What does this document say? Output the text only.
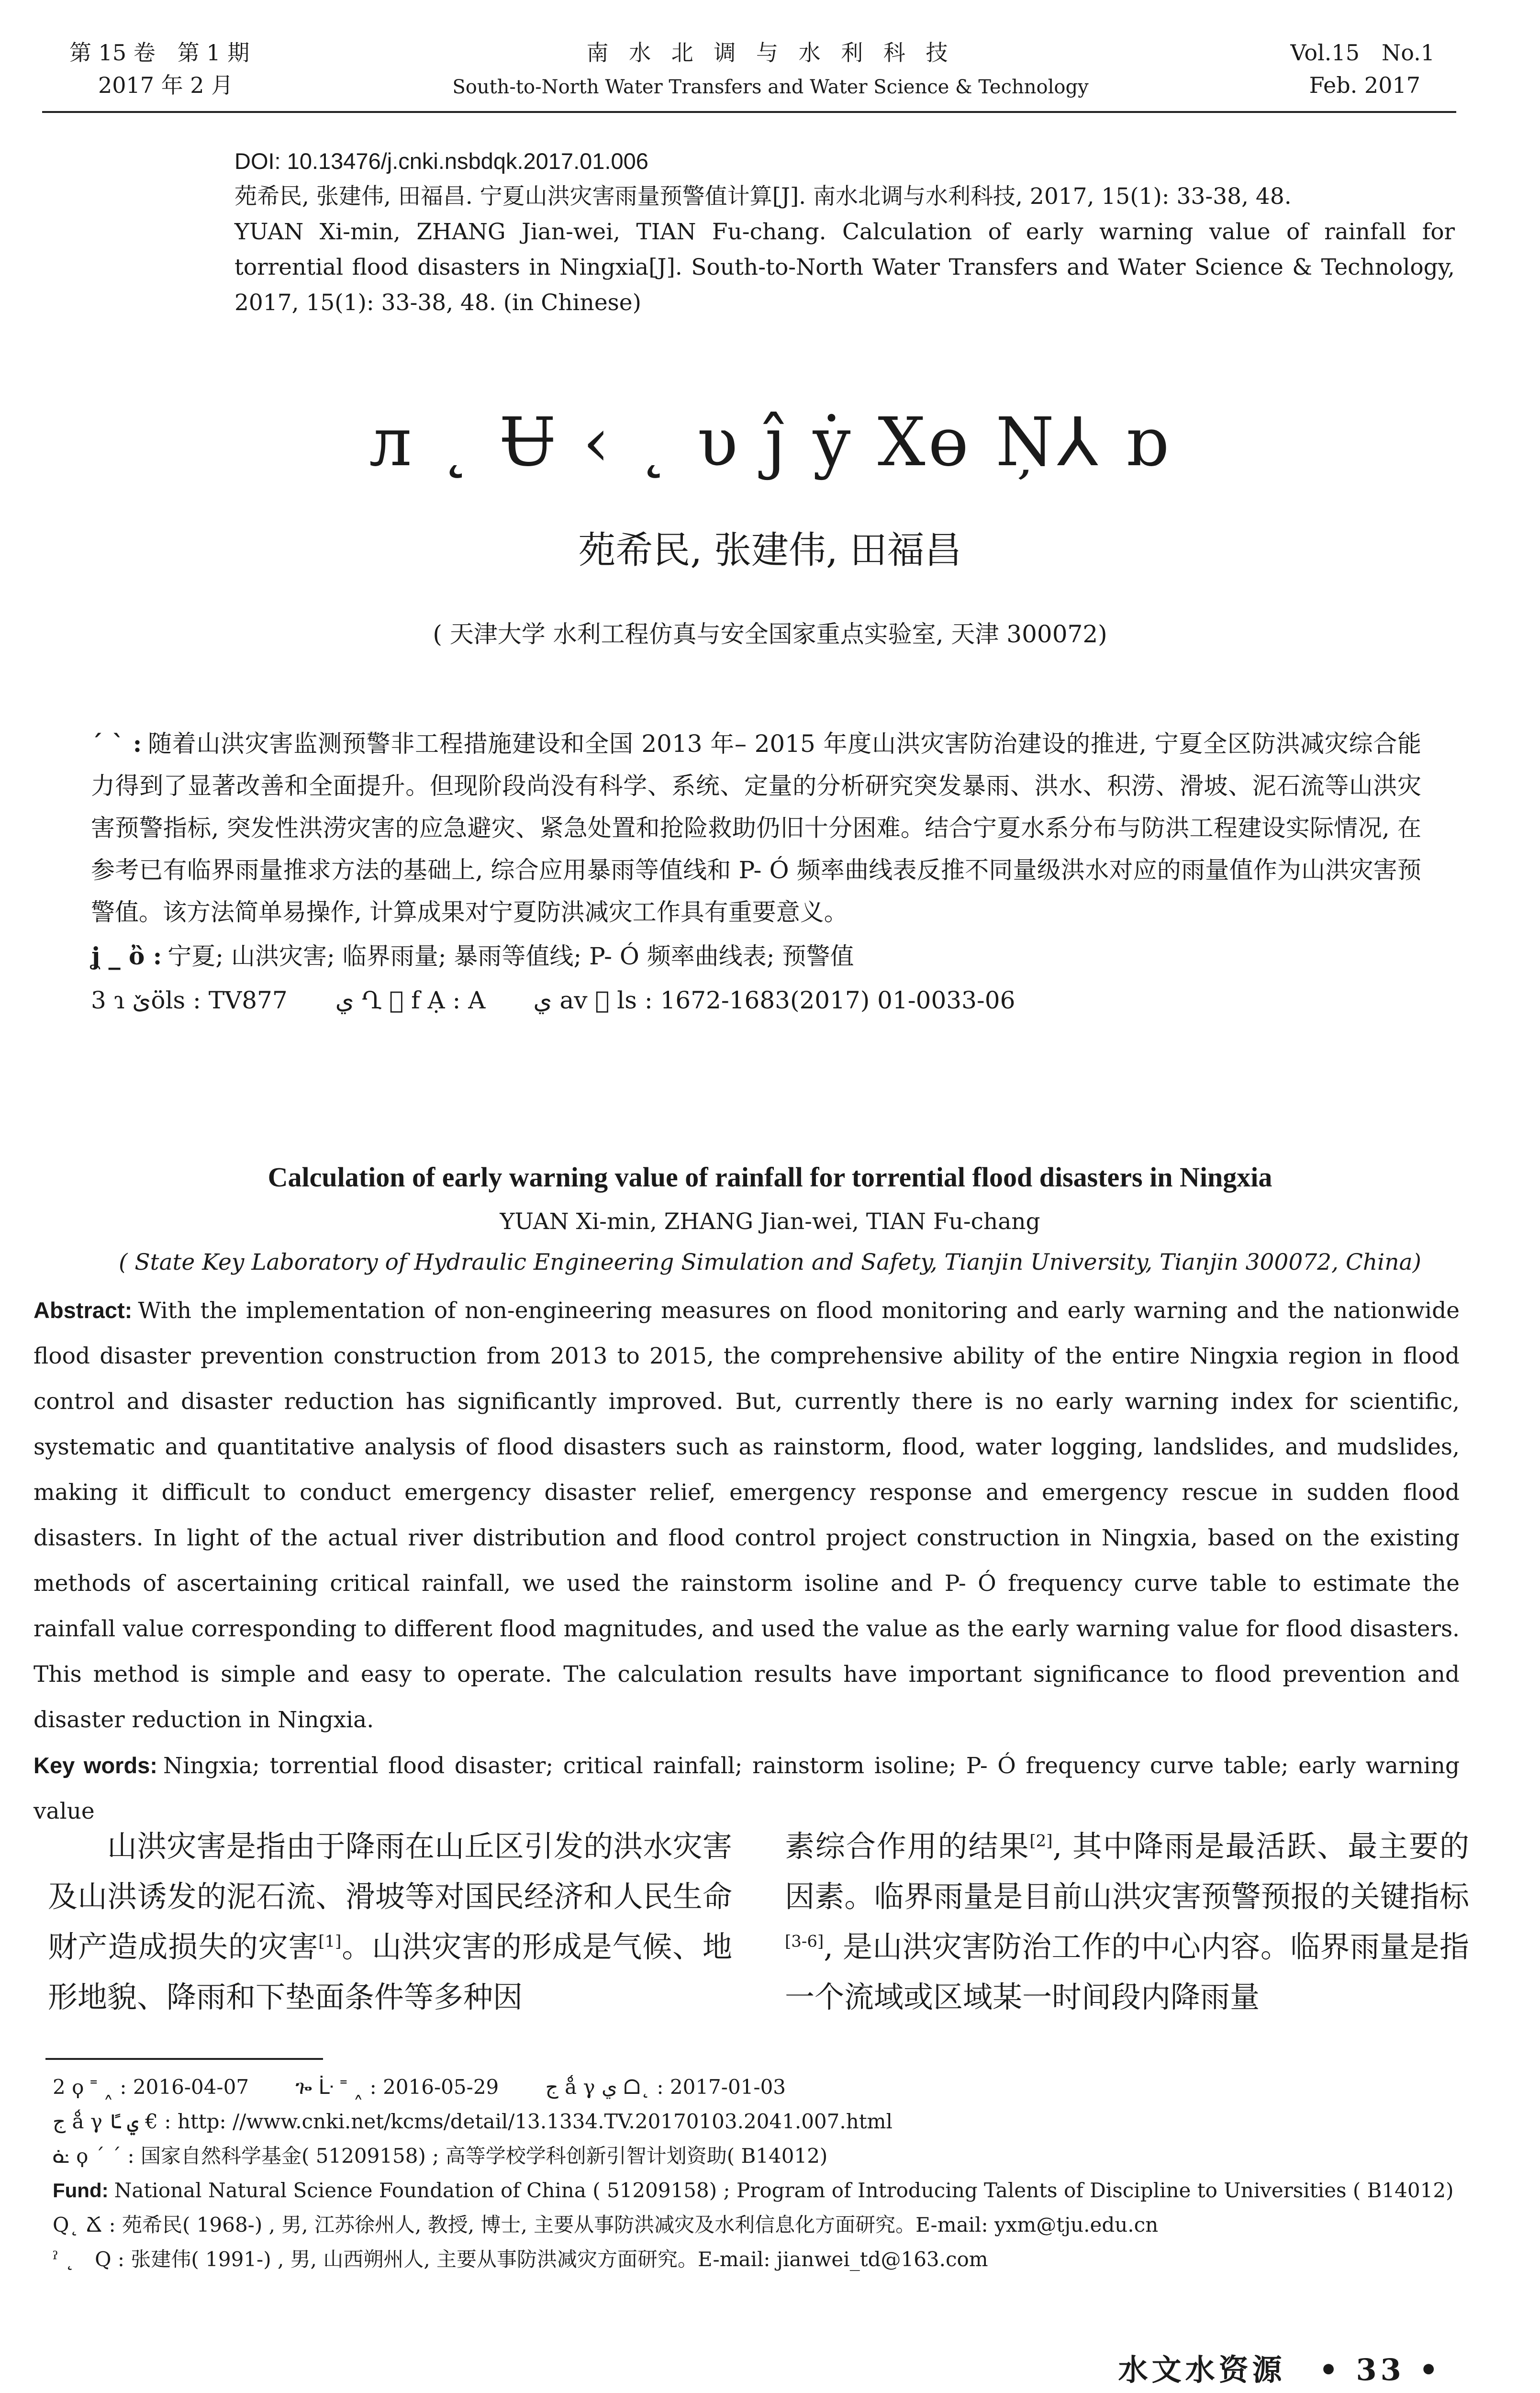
第 15 卷　第 1 期
2017 年 2 月
南 水 北 调 与 水 利 科 技
South-to-North Water Transfers and Water Science & Technology
Vol.15　No.1
Feb. 2017

DOI: 10.13476/j.cnki.nsbdqk.2017.01.006

苑希民, 张建伟, 田福昌. 宁夏山洪灾害雨量预警值计算[J]. 南水北调与水利科技, 2017, 15(1): 33-38, 48.

YUAN Xi-min, ZHANG Jian-wei, TIAN Fu-chang. Calculation of early warning value of rainfall for torrential flood disasters in Ningxia[J]. South-to-North Water Transfers and Water Science & Technology, 2017, 15(1): 33-38, 48. (in Chinese)

л ˛ Ʉ ‹ ˛ υ ĵ ẏ Хɵ Ņ⅄ ɒ
苑希民, 张建伟, 田福昌
( 天津大学 水利工程仿真与安全国家重点实验室, 天津 300072)

ˊ ˋ : 随着山洪灾害监测预警非工程措施建设和全国 2013 年– 2015 年度山洪灾害防治建设的推进, 宁夏全区防洪减灾综合能力得到了显著改善和全面提升。但现阶段尚没有科学、系统、定量的分析研究突发暴雨、洪水、积涝、滑坡、泥石流等山洪灾害预警指标, 突发性洪涝灾害的应急避灾、紧急处置和抢险救助仍旧十分困难。结合宁夏水系分布与防洪工程建设实际情况, 在参考已有临界雨量推求方法的基础上, 综合应用暴雨等值线和 P- Ó 频率曲线表反推不同量级洪水对应的雨量值作为山洪灾害预警值。该方法简单易操作, 计算成果对宁夏防洪减灾工作具有重要意义。

ʝ _ ὂ : 宁夏; 山洪灾害; 临界雨量; 暴雨等值线; P- Ó 频率曲线表; 预警值

3 ɿ ێöls : TV877　　ي Ղ ⃞ f Ạ : A　　ي av ⃞ ls : 1672-1683(2017) 01-0033-06

Calculation of early warning value of rainfall for torrential flood disasters in Ningxia
YUAN Xi-min, ZHANG Jian-wei, TIAN Fu-chang
( State Key Laboratory of Hydraulic Engineering Simulation and Safety, Tianjin University, Tianjin 300072, China)

Abstract: With the implementation of non-engineering measures on flood monitoring and early warning and the nationwide flood disaster prevention construction from 2013 to 2015, the comprehensive ability of the entire Ningxia region in flood control and disaster reduction has significantly improved. But, currently there is no early warning index for scientific, systematic and quantitative analysis of flood disasters such as rainstorm, flood, water logging, landslides, and mudslides, making it difficult to conduct emergency disaster relief, emergency response and emergency rescue in sudden flood disasters. In light of the actual river distribution and flood control project construction in Ningxia, based on the existing methods of ascertaining critical rainfall, we used the rainstorm isoline and P- Ó frequency curve table to estimate the rainfall value corresponding to different flood magnitudes, and used the value as the early warning value for flood disasters. This method is simple and easy to operate. The calculation results have important significance to flood prevention and disaster reduction in Ningxia.

Key words: Ningxia; torrential flood disaster; critical rainfall; rainstorm isoline; P- Ó frequency curve table; early warning value

山洪灾害是指由于降雨在山丘区引发的洪水灾害及山洪诱发的泥石流、滑坡等对国民经济和人民生命财产造成损失的灾害[1]。山洪灾害的形成是气候、地形地貌、降雨和下垫面条件等多种因

素综合作用的结果[2], 其中降雨是最活跃、最主要的因素。临界雨量是目前山洪灾害预警预报的关键指标[3-6], 是山洪灾害防治工作的中心内容。临界雨量是指一个流域或区域某一时间段内降雨量

2 ϙ ˭ ˰ : 2016-04-07　　 ጐ ᒹ ˭ ˰ : 2016-05-29　　 ج ǻ γ ي ᗝ˛ : 2017-01-03

ج ǻ γ ي ﴼ € : http: //www.cnki.net/kcms/detail/13.1334.TV.20170103.2041.007.html

ᓎ ϙ ˊ ˊ : 国家自然科学基金( 51209158) ; 高等学校学科创新引智计划资助( B14012)

Fund: National Natural Science Foundation of China ( 51209158) ; Program of Introducing Talents of Discipline to Universities ( B14012)

Q˛ Ճ : 苑希民( 1968-) , 男, 江苏徐州人, 教授, 博士, 主要从事防洪减灾及水利信息化方面研究。E-mail: yxm@tju.edu.cn

ˀ ˛　Q : 张建伟( 1991-) , 男, 山西朔州人, 主要从事防洪减灾方面研究。E-mail: jianwei_td@163.com

水文水资源 • 33 •
